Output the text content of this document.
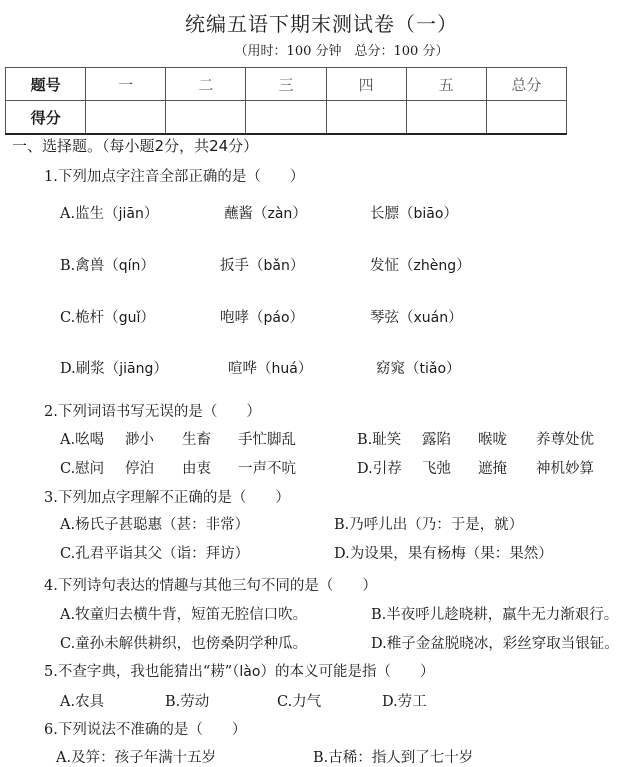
统编五语下期末测试卷（一）
（用时：100 分钟　总分：100 分）
题号	一	二	三	四	五	总分
得分						
一、选择题。（每小题2分，共24分）
1.下列加点字注音全部正确的是（　　）
A.监生（jiān）	蘸酱（zàn）	长膘（biāo）
B.禽兽（qín）	扳手（bǎn）	发怔（zhèng）
C.桅杆（guǐ）	咆哮（páo）	琴弦（xuán）
D.刷浆（jiāng）	喧哗（huá）	窈窕（tiǎo）
2.下列词语书写无误的是（　　）
A.吆喝 渺小 生畜 手忙脚乱	B.耻笑 露陷 喉咙 养尊处优
C.慰问 停泊 由衷 一声不吭	D.引荐 飞弛 遮掩 神机妙算
3.下列加点字理解不正确的是（　　）
A.杨氏子甚聪惠（甚：非常）	B.乃呼儿出（乃：于是，就）
C.孔君平诣其父（诣：拜访）	D.为设果，果有杨梅（果：果然）
4.下列诗句表达的情趣与其他三句不同的是（　　）
A.牧童归去横牛背，短笛无腔信口吹。	B.半夜呼儿趁晓耕，羸牛无力渐艰行。
C.童孙未解供耕织，也傍桑阴学种瓜。	D.稚子金盆脱晓冰，彩丝穿取当银钲。
5.不查字典，我也能猜出“耢”（lào）的本义可能是指（　　）
A.农具	B.劳动	C.力气	D.劳工
6.下列说法不准确的是（　　）
A.及笄：孩子年满十五岁	B.古稀：指人到了七十岁
